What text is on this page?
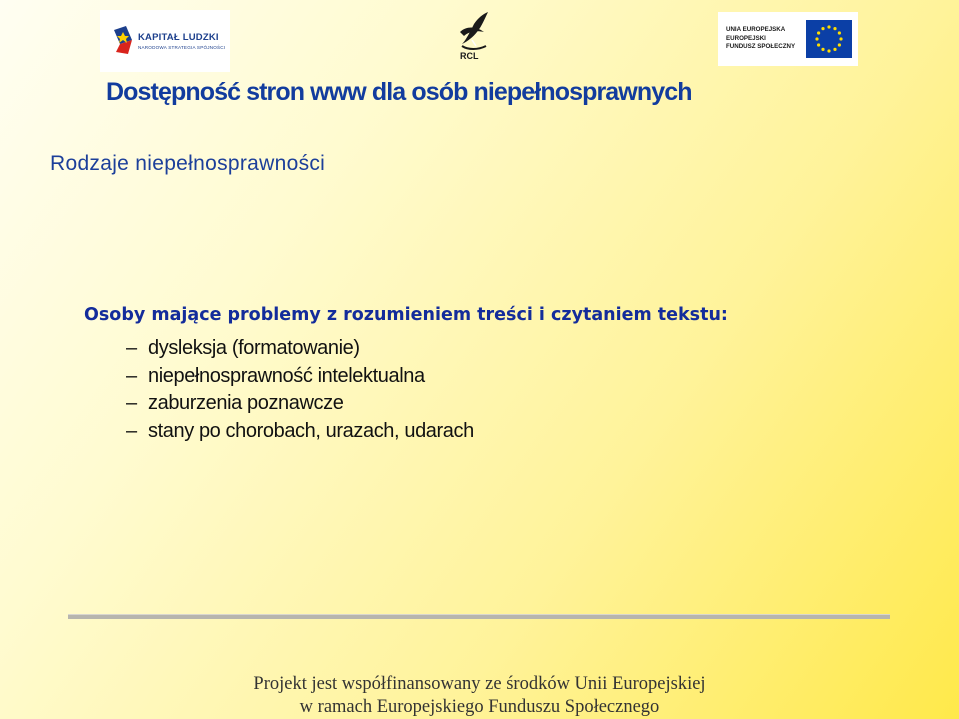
KAPITAŁ LUDZKI
NARODOWA STRATEGIA SPÓJNOŚCI
RCL
UNIA EUROPEJSKA
EUROPEJSKI
FUNDUSZ SPOŁECZNY
Dostępność stron www dla osób niepełnosprawnych
Rodzaje niepełnosprawności

Osoby mające problemy z rozumieniem treści i czytaniem tekstu:

– dysleksja (formatowanie)
– niepełnosprawność intelektualna
– zaburzenia poznawcze
– stany po chorobach, urazach, udarach
Projekt jest współfinansowany ze środków Unii Europejskiej
w ramach Europejskiego Funduszu Społecznego
